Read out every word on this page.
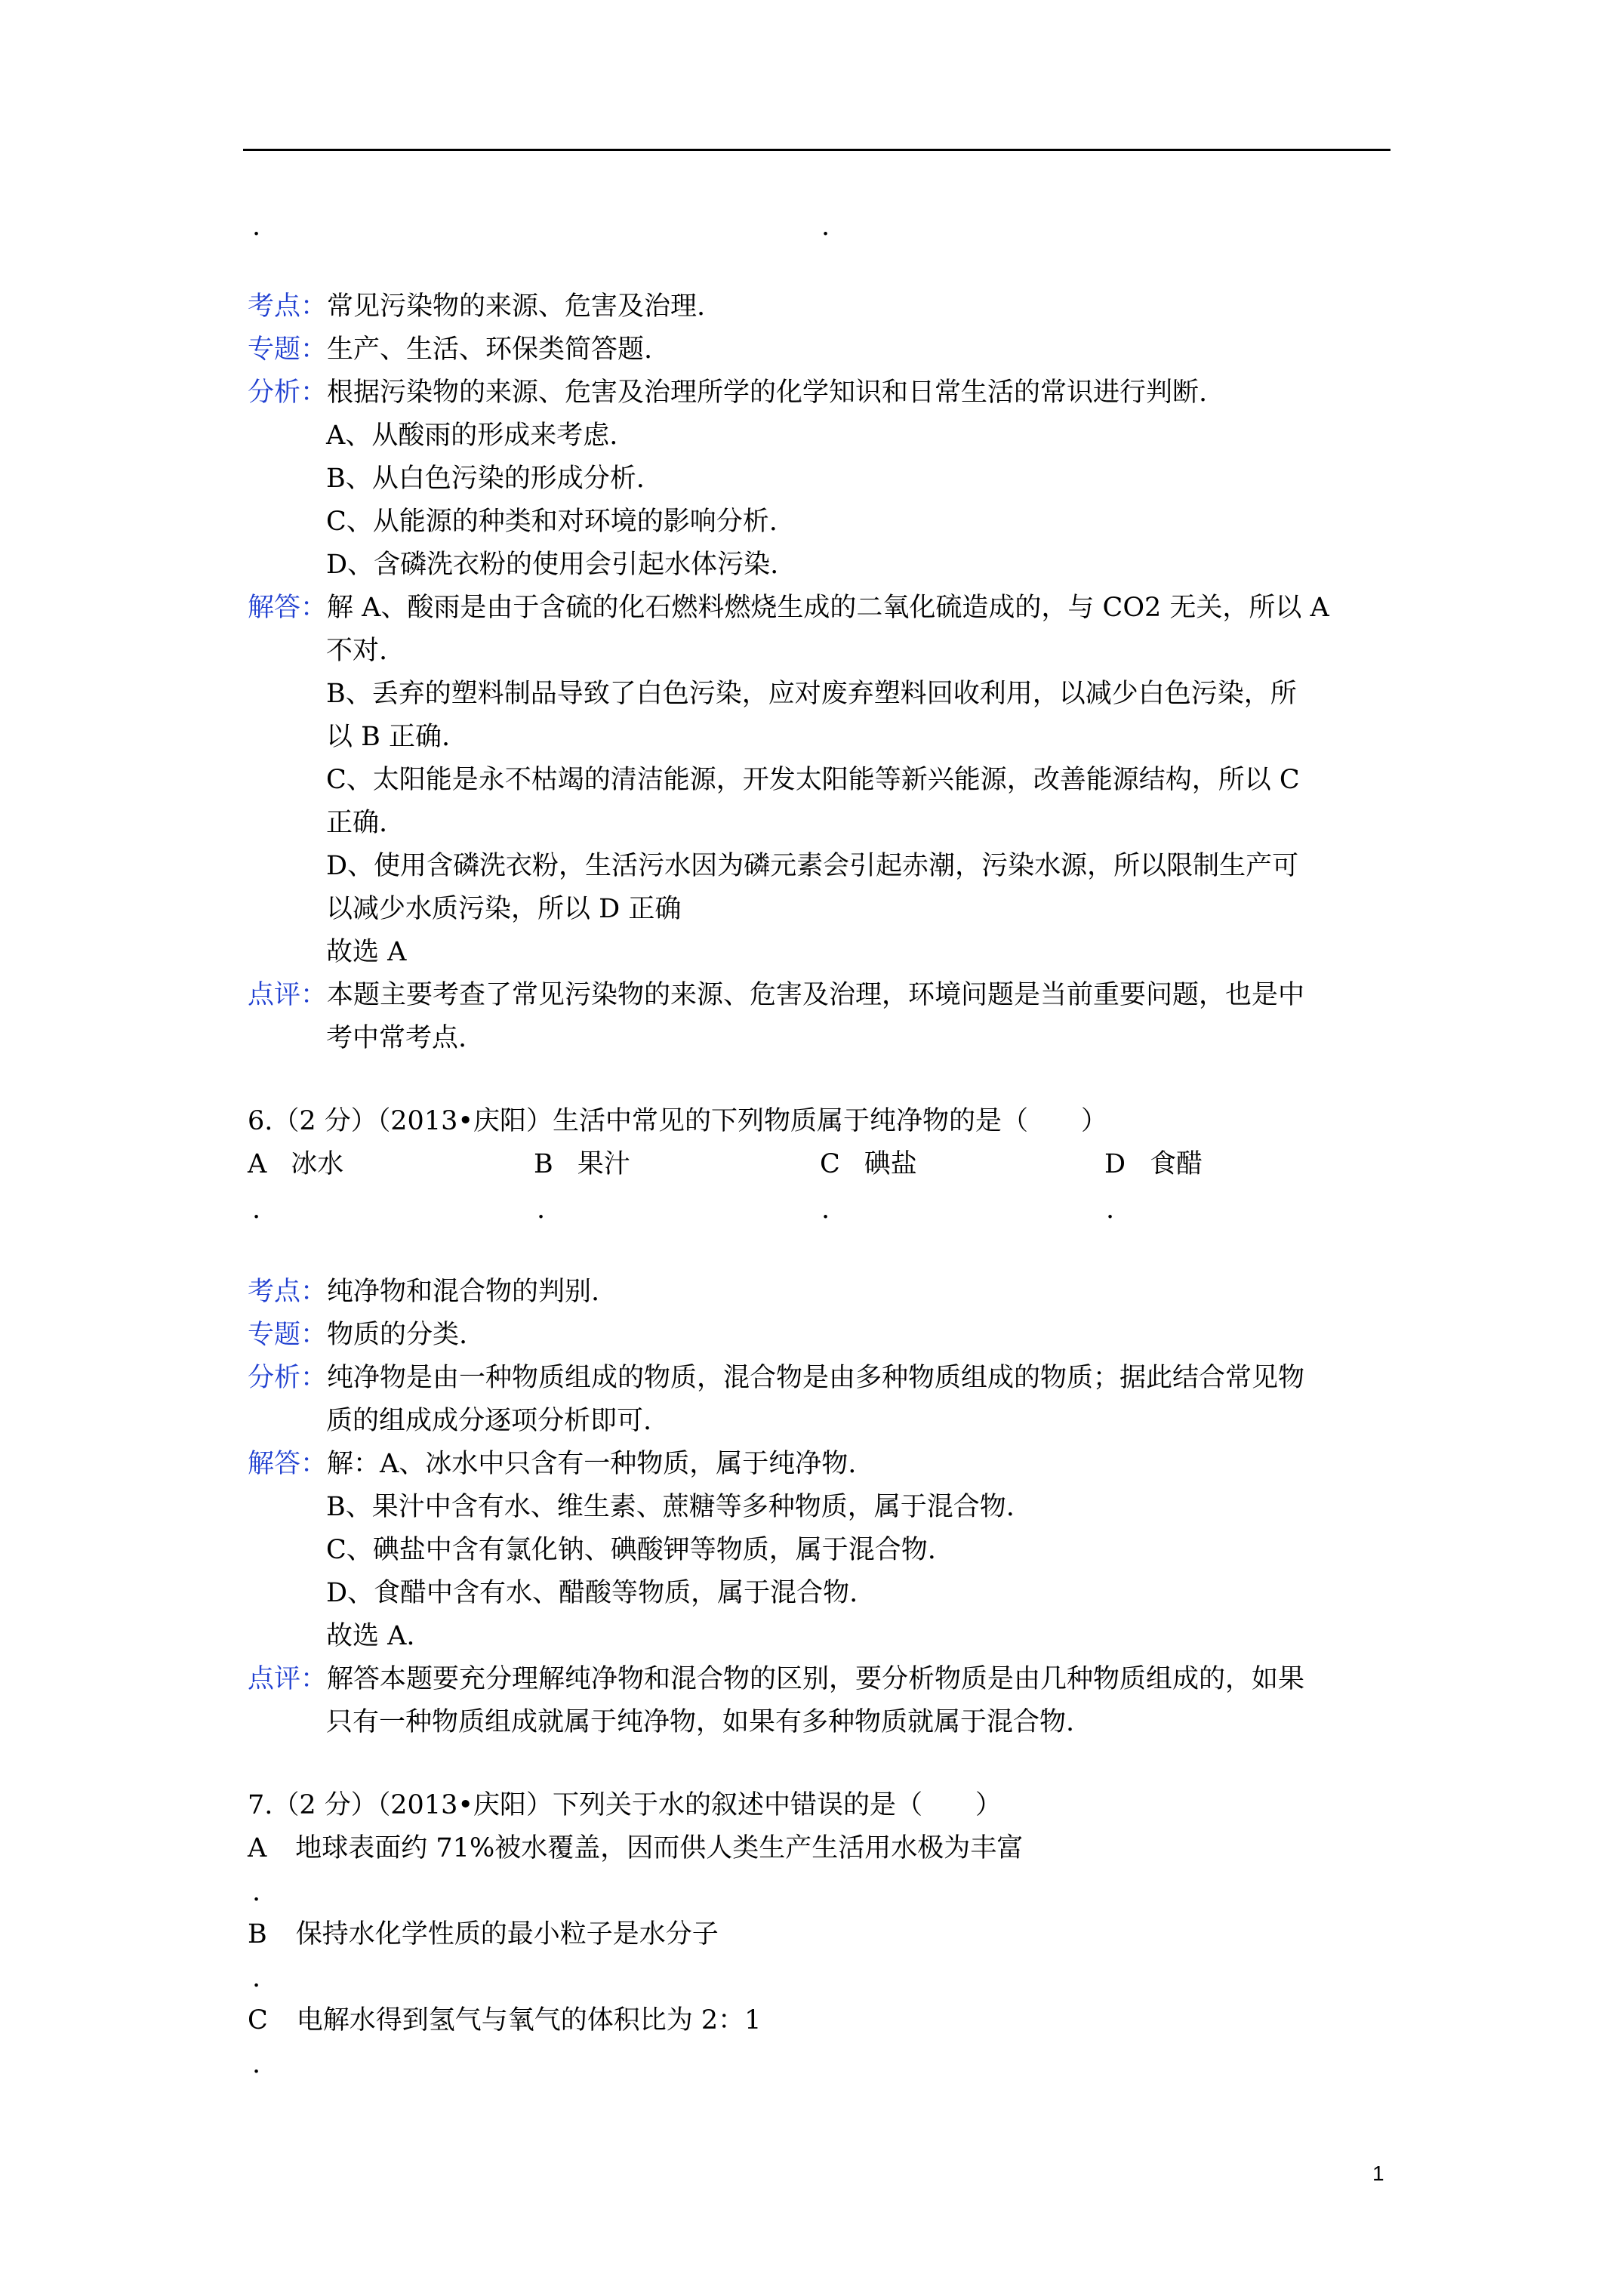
.	.
考点：常见污染物的来源、危害及治理.
专题：生产、生活、环保类简答题.
分析：根据污染物的来源、危害及治理所学的化学知识和日常生活的常识进行判断.
A、从酸雨的形成来考虑.
B、从白色污染的形成分析.
C、从能源的种类和对环境的影响分析.
D、含磷洗衣粉的使用会引起水体污染.
解答：解 A、酸雨是由于含硫的化石燃料燃烧生成的二氧化硫造成的，与 CO2 无关，所以 A
不对.
B、丢弃的塑料制品导致了白色污染，应对废弃塑料回收利用，以减少白色污染，所
以 B 正确.
C、太阳能是永不枯竭的清洁能源，开发太阳能等新兴能源，改善能源结构，所以 C
正确.
D、使用含磷洗衣粉，生活污水因为磷元素会引起赤潮，污染水源，所以限制生产可
以减少水质污染，所以 D 正确
故选 A
点评：本题主要考查了常见污染物的来源、危害及治理，环境问题是当前重要问题，也是中
考中常考点.
6.（2 分）（2013•庆阳）生活中常见的下列物质属于纯净物的是（　　）
A 冰水	B 果汁	C 碘盐	D 食醋
.	.	.	.
考点：纯净物和混合物的判别.
专题：物质的分类.
分析：纯净物是由一种物质组成的物质，混合物是由多种物质组成的物质；据此结合常见物
质的组成成分逐项分析即可.
解答：解：A、冰水中只含有一种物质，属于纯净物.
B、果汁中含有水、维生素、蔗糖等多种物质，属于混合物.
C、碘盐中含有氯化钠、碘酸钾等物质，属于混合物.
D、食醋中含有水、醋酸等物质，属于混合物.
故选 A.
点评：解答本题要充分理解纯净物和混合物的区别，要分析物质是由几种物质组成的，如果
只有一种物质组成就属于纯净物，如果有多种物质就属于混合物.
7.（2 分）（2013•庆阳）下列关于水的叙述中错误的是（　　）
A 地球表面约 71%被水覆盖，因而供人类生产生活用水极为丰富
.
B 保持水化学性质的最小粒子是水分子
.
C 电解水得到氢气与氧气的体积比为 2：1
.
1
